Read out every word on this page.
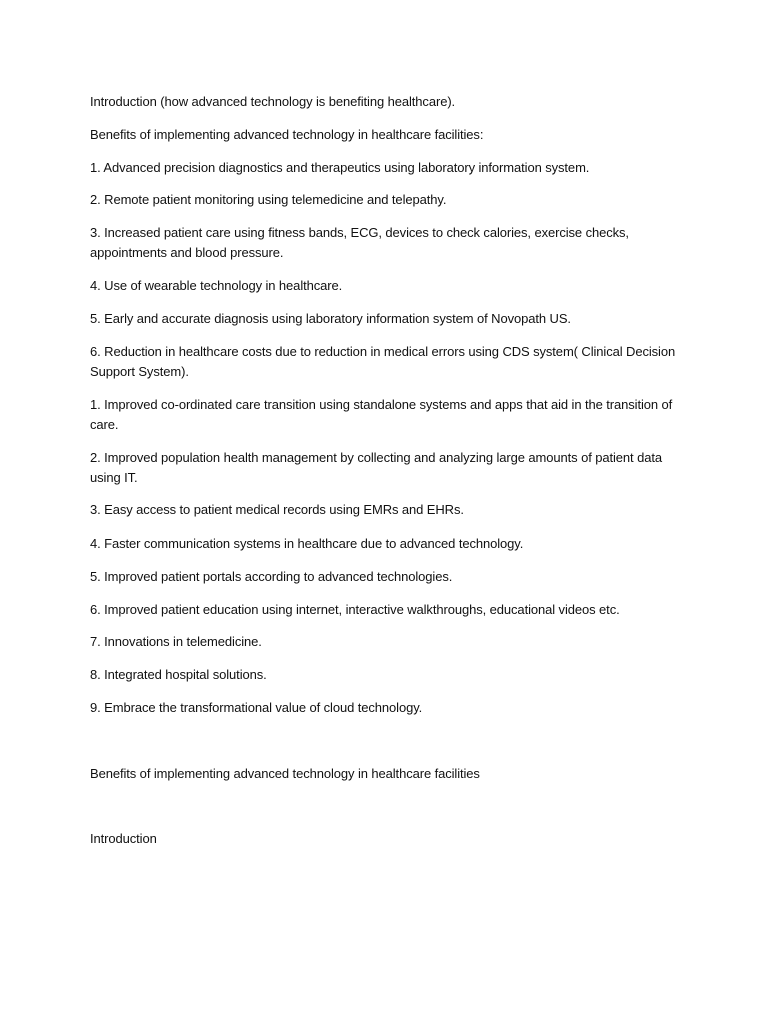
Introduction (how advanced technology is benefiting healthcare).

Benefits of implementing advanced technology in healthcare facilities:

1. Advanced precision diagnostics and therapeutics using laboratory information system.

2. Remote patient monitoring using telemedicine and telepathy.

3. Increased patient care using fitness bands, ECG, devices to check calories, exercise checks, appointments and blood pressure.

4. Use of wearable technology in healthcare.

5. Early and accurate diagnosis using laboratory information system of Novopath US.

6. Reduction in healthcare costs due to reduction in medical errors using CDS system( Clinical Decision Support System).

1. Improved co-ordinated care transition using standalone systems and apps that aid in the transition of care.

2. Improved population health management by collecting and analyzing large amounts of patient data using IT.

3. Easy access to patient medical records using EMRs and EHRs.

4. Faster communication systems in healthcare due to advanced technology.

5. Improved patient portals according to advanced technologies.

6. Improved patient education using internet, interactive walkthroughs, educational videos etc.

7. Innovations in telemedicine.

8. Integrated hospital solutions.

9. Embrace the transformational value of cloud technology.

Benefits of implementing advanced technology in healthcare facilities

Introduction
